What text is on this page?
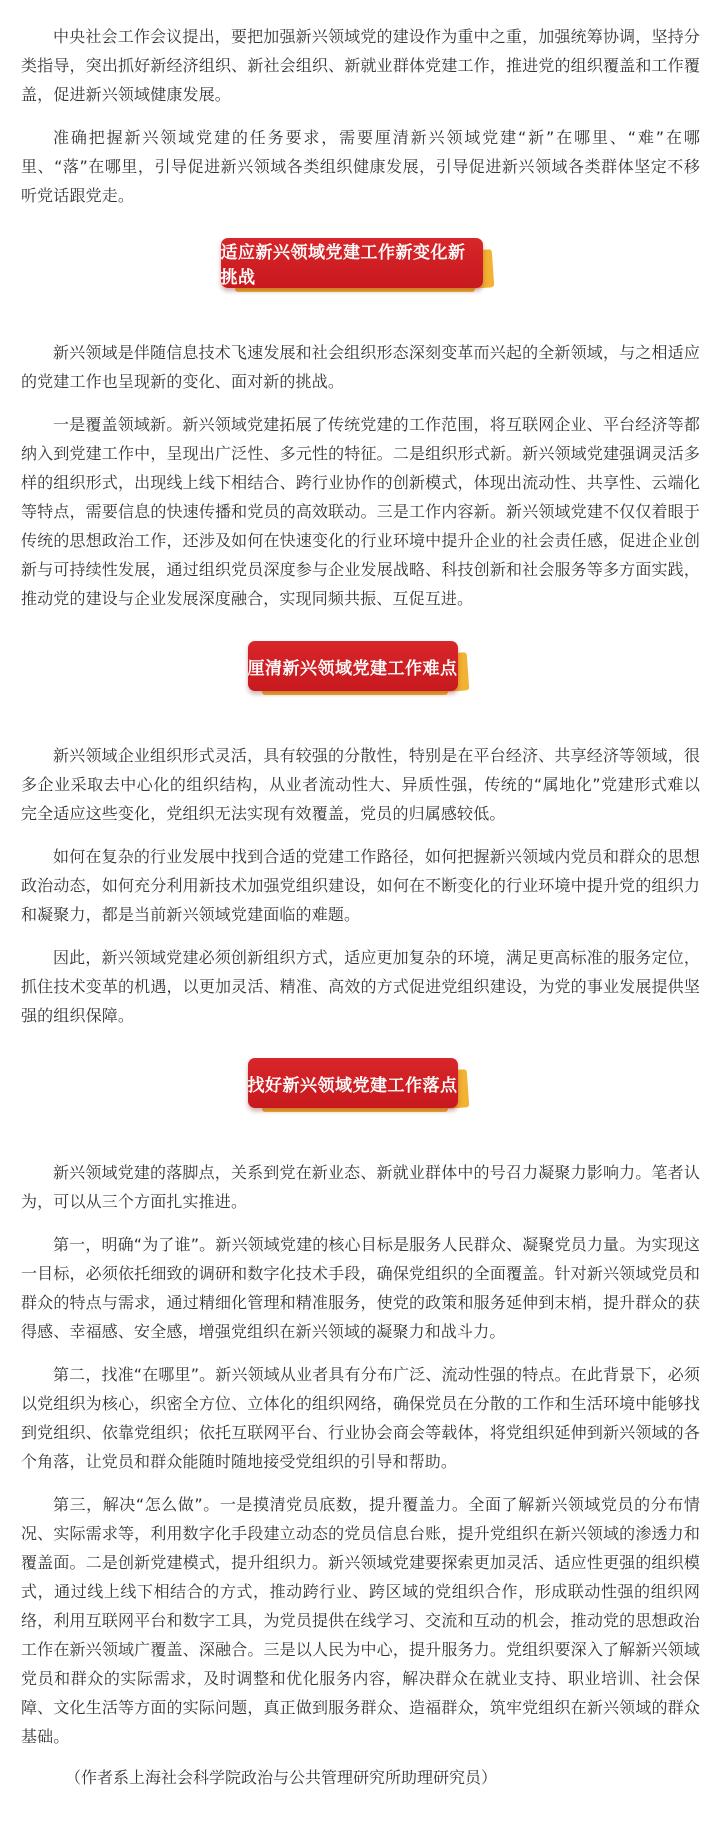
中央社会工作会议提出，要把加强新兴领域党的建设作为重中之重，加强统筹协调，坚持分类指导，突出抓好新经济组织、新社会组织、新就业群体党建工作，推进党的组织覆盖和工作覆盖，促进新兴领域健康发展。

准确把握新兴领域党建的任务要求，需要厘清新兴领域党建“新”在哪里、“难”在哪里、“落”在哪里，引导促进新兴领域各类组织健康发展，引导促进新兴领域各类群体坚定不移听党话跟党走。

适应新兴领域党建工作新变化新挑战

新兴领域是伴随信息技术飞速发展和社会组织形态深刻变革而兴起的全新领域，与之相适应的党建工作也呈现新的变化、面对新的挑战。

一是覆盖领域新。新兴领域党建拓展了传统党建的工作范围，将互联网企业、平台经济等都纳入到党建工作中，呈现出广泛性、多元性的特征。二是组织形式新。新兴领域党建强调灵活多样的组织形式，出现线上线下相结合、跨行业协作的创新模式，体现出流动性、共享性、云端化等特点，需要信息的快速传播和党员的高效联动。三是工作内容新。新兴领域党建不仅仅着眼于传统的思想政治工作，还涉及如何在快速变化的行业环境中提升企业的社会责任感，促进企业创新与可持续性发展，通过组织党员深度参与企业发展战略、科技创新和社会服务等多方面实践，推动党的建设与企业发展深度融合，实现同频共振、互促互进。

厘清新兴领域党建工作难点

新兴领域企业组织形式灵活，具有较强的分散性，特别是在平台经济、共享经济等领域，很多企业采取去中心化的组织结构，从业者流动性大、异质性强，传统的“属地化”党建形式难以完全适应这些变化，党组织无法实现有效覆盖，党员的归属感较低。

如何在复杂的行业发展中找到合适的党建工作路径，如何把握新兴领域内党员和群众的思想政治动态，如何充分利用新技术加强党组织建设，如何在不断变化的行业环境中提升党的组织力和凝聚力，都是当前新兴领域党建面临的难题。

因此，新兴领域党建必须创新组织方式，适应更加复杂的环境，满足更高标准的服务定位，抓住技术变革的机遇，以更加灵活、精准、高效的方式促进党组织建设，为党的事业发展提供坚强的组织保障。

找好新兴领域党建工作落点

新兴领域党建的落脚点，关系到党在新业态、新就业群体中的号召力凝聚力影响力。笔者认为，可以从三个方面扎实推进。

第一，明确“为了谁”。新兴领域党建的核心目标是服务人民群众、凝聚党员力量。为实现这一目标，必须依托细致的调研和数字化技术手段，确保党组织的全面覆盖。针对新兴领域党员和群众的特点与需求，通过精细化管理和精准服务，使党的政策和服务延伸到末梢，提升群众的获得感、幸福感、安全感，增强党组织在新兴领域的凝聚力和战斗力。

第二，找准“在哪里”。新兴领域从业者具有分布广泛、流动性强的特点。在此背景下，必须以党组织为核心，织密全方位、立体化的组织网络，确保党员在分散的工作和生活环境中能够找到党组织、依靠党组织；依托互联网平台、行业协会商会等载体，将党组织延伸到新兴领域的各个角落，让党员和群众能随时随地接受党组织的引导和帮助。

第三，解决“怎么做”。一是摸清党员底数，提升覆盖力。全面了解新兴领域党员的分布情况、实际需求等，利用数字化手段建立动态的党员信息台账，提升党组织在新兴领域的渗透力和覆盖面。二是创新党建模式，提升组织力。新兴领域党建要探索更加灵活、适应性更强的组织模式，通过线上线下相结合的方式，推动跨行业、跨区域的党组织合作，形成联动性强的组织网络，利用互联网平台和数字工具，为党员提供在线学习、交流和互动的机会，推动党的思想政治工作在新兴领域广覆盖、深融合。三是以人民为中心，提升服务力。党组织要深入了解新兴领域党员和群众的实际需求，及时调整和优化服务内容，解决群众在就业支持、职业培训、社会保障、文化生活等方面的实际问题，真正做到服务群众、造福群众，筑牢党组织在新兴领域的群众基础。

（作者系上海社会科学院政治与公共管理研究所助理研究员）
